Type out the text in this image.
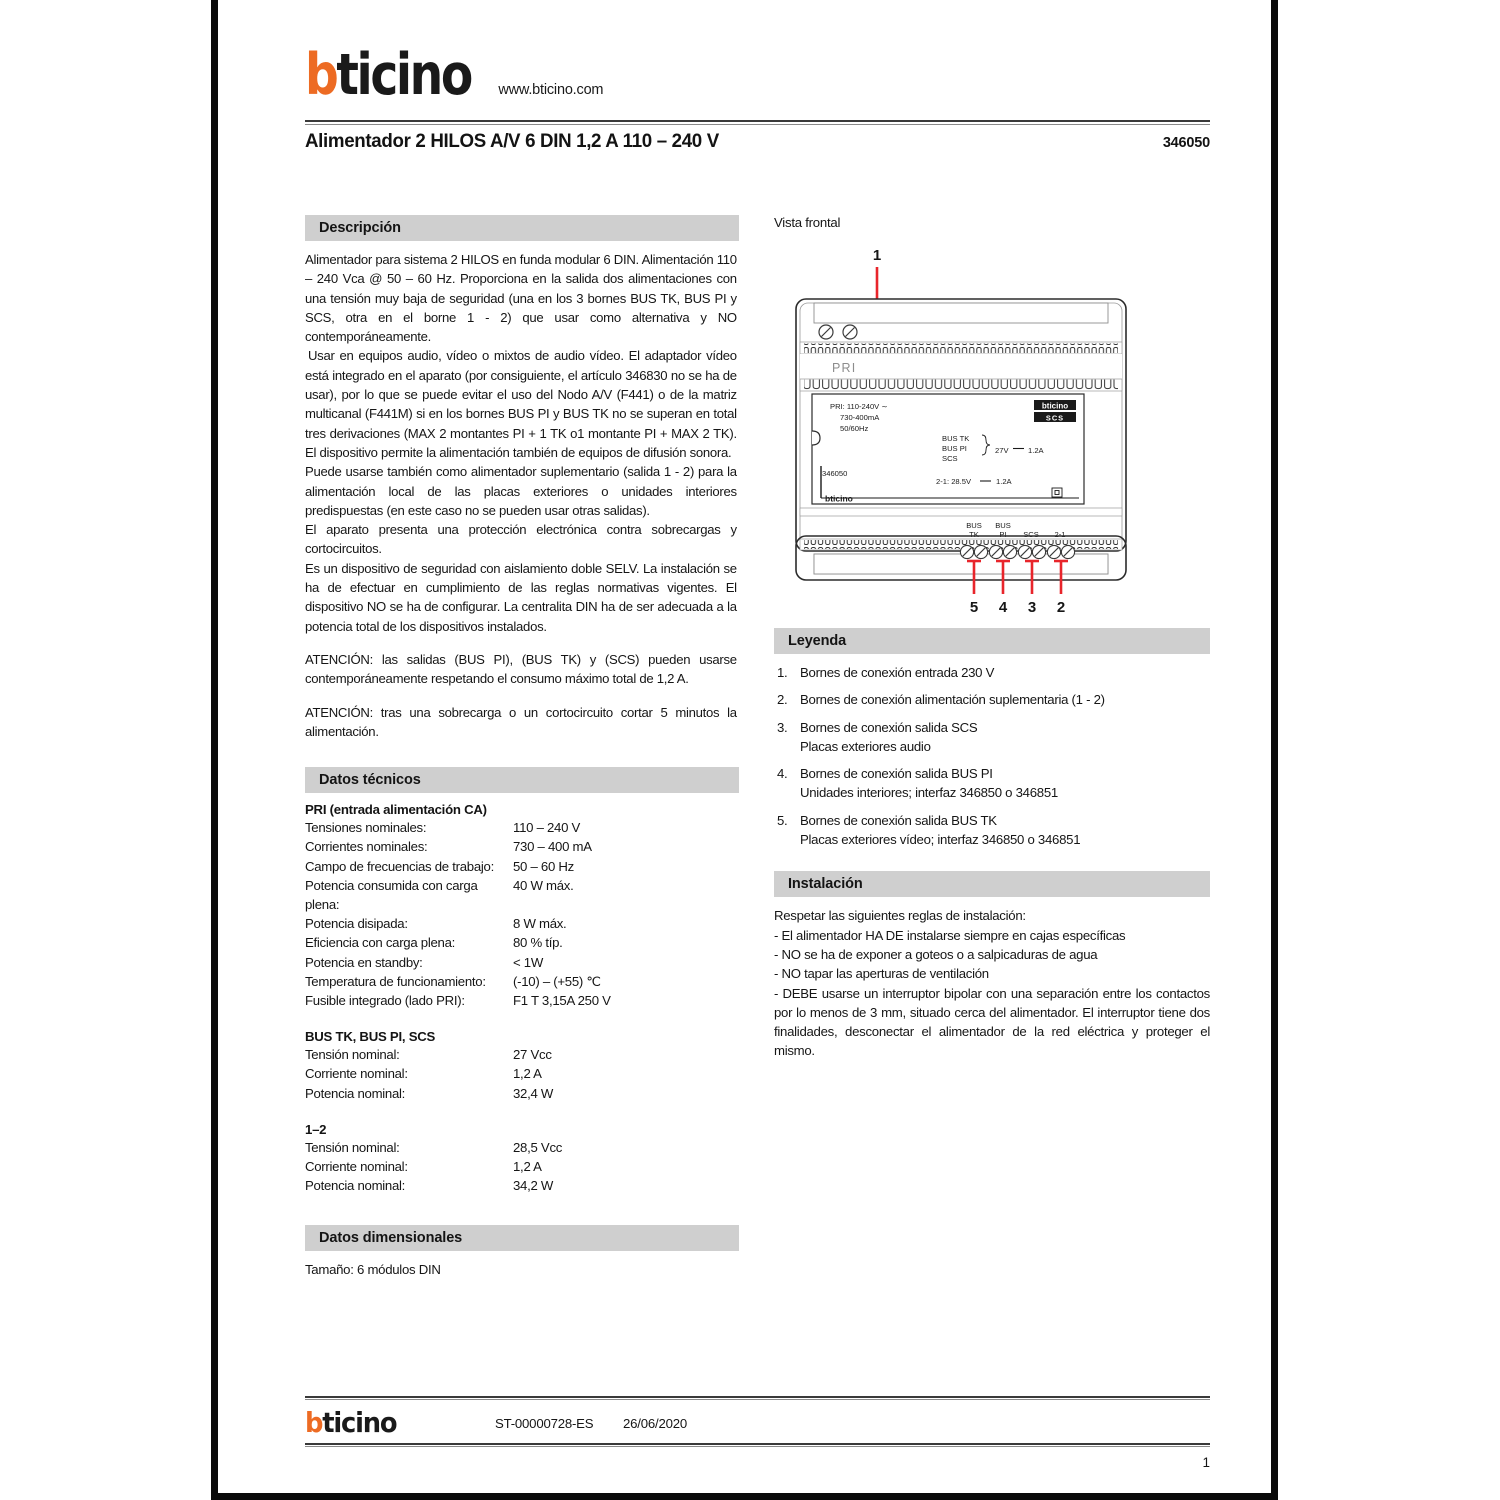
bticino www.bticino.com
Alimentador 2 HILOS A/V 6 DIN 1,2 A 110 – 240 V	346050
Descripción
Alimentador para sistema 2 HILOS en funda modular 6 DIN. Alimentación 110 – 240 Vca @ 50 – 60 Hz. Proporciona en la salida dos alimentaciones con una tensión muy baja de seguridad (una en los 3 bornes BUS TK, BUS PI y SCS, otra en el borne 1 - 2) que usar como alternativa y NO contemporáneamente.
Usar en equipos audio, vídeo o mixtos de audio vídeo. El adaptador vídeo está integrado en el aparato (por consiguiente, el artículo 346830 no se ha de usar), por lo que se puede evitar el uso del Nodo A/V (F441) o de la matriz multicanal (F441M) si en los bornes BUS PI y BUS TK no se superan en total tres derivaciones (MAX 2 montantes PI + 1 TK o1 montante PI + MAX 2 TK). El dispositivo permite la alimentación también de equipos de difusión sonora.
Puede usarse también como alimentador suplementario (salida 1 - 2) para la alimentación local de las placas exteriores o unidades interiores predispuestas (en este caso no se pueden usar otras salidas).
El aparato presenta una protección electrónica contra sobrecargas y cortocircuitos.
Es un dispositivo de seguridad con aislamiento doble SELV. La instalación se ha de efectuar en cumplimiento de las reglas normativas vigentes. El dispositivo NO se ha de configurar. La centralita DIN ha de ser adecuada a la potencia total de los dispositivos instalados.
ATENCIÓN: las salidas (BUS PI), (BUS TK) y (SCS) pueden usarse contemporáneamente respetando el consumo máximo total de 1,2 A.
ATENCIÓN: tras una sobrecarga o un cortocircuito cortar 5 minutos la alimentación.
Datos técnicos
PRI (entrada alimentación CA)
Tensiones nominales:	110 – 240 V
Corrientes nominales:	730 – 400 mA
Campo de frecuencias de trabajo:	50 – 60 Hz
Potencia consumida con carga plena:
40 W máx.
Potencia disipada:	8 W máx.
Eficiencia con carga plena:	80 % típ.
Potencia en standby:	< 1W
Temperatura de funcionamiento:	(-10) – (+55) ℃
Fusible integrado (lado PRI):	F1 T 3,15A 250 V
BUS TK, BUS PI, SCS
Tensión nominal:	27 Vcc
Corriente nominal:	1,2 A
Potencia nominal:	32,4 W
1–2
Tensión nominal:	28,5 Vcc
Corriente nominal:	1,2 A
Potencia nominal:	34,2 W
Datos dimensionales
Tamaño: 6 módulos DIN
Vista frontal
1
PRI
PRI: 110-240V ∼
730-400mA
50/60Hz
BUS TK
BUS PI
SCS
27V	1.2A
2-1: 28.5V	1.2A
346050
bticino
SCS
bticino
BUS
TK
BUS
PI SCS 2-1
5 4 3 2
Leyenda
1. Bornes de conexión entrada 230 V
2. Bornes de conexión alimentación suplementaria (1 - 2)
3. Bornes de conexión salida SCS
Placas exteriores audio
4. Bornes de conexión salida BUS PI
Unidades interiores; interfaz 346850 o 346851
5. Bornes de conexión salida BUS TK
Placas exteriores vídeo; interfaz 346850 o 346851
Instalación
Respetar las siguientes reglas de instalación:
- El alimentador HA DE instalarse siempre en cajas específicas
- NO se ha de exponer a goteos o a salpicaduras de agua
- NO tapar las aperturas de ventilación
- DEBE usarse un interruptor bipolar con una separación entre los contactos por lo menos de 3 mm, situado cerca del alimentador. El interruptor tiene dos finalidades, desconectar el alimentador de la red eléctrica y proteger el mismo.
bticino	ST-00000728-ES	26/06/2020
1
